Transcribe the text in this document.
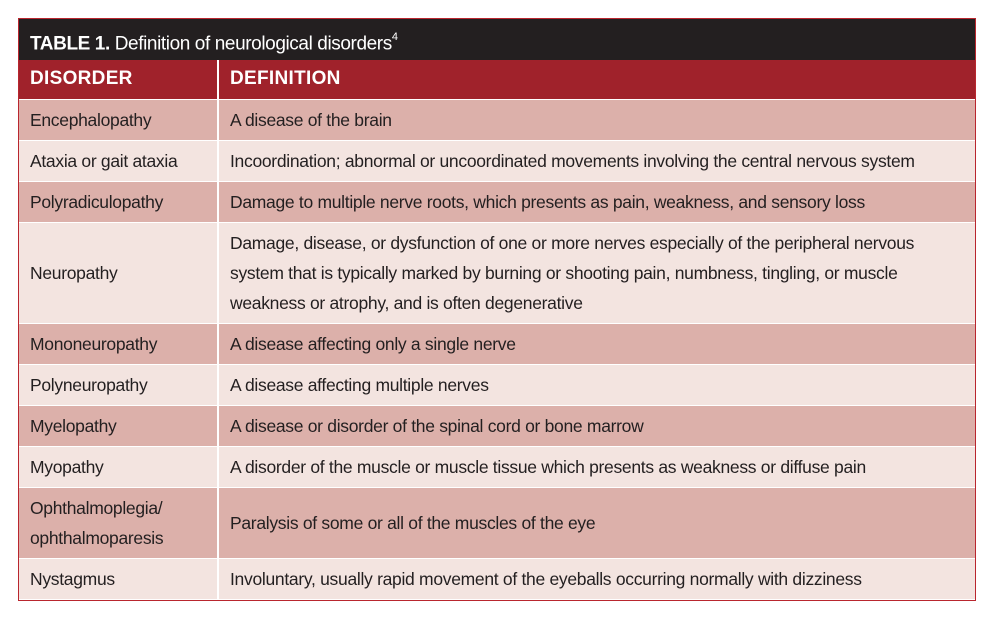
TABLE 1. Definition of neurological disorders$^4$
DISORDER	DEFINITION
Encephalopathy	A disease of the brain
Ataxia or gait ataxia	Incoordination; abnormal or uncoordinated movements involving the central nervous system
Polyradiculopathy	Damage to multiple nerve roots, which presents as pain, weakness, and sensory loss
Neuropathy	Damage, disease, or dysfunction of one or more nerves especially of the peripheral nervous system that is typically marked by burning or shooting pain, numbness, tingling, or muscle weakness or atrophy, and is often degenerative
Mononeuropathy	A disease affecting only a single nerve
Polyneuropathy	A disease affecting multiple nerves
Myelopathy	A disease or disorder of the spinal cord or bone marrow
Myopathy	A disorder of the muscle or muscle tissue which presents as weakness or diffuse pain
Ophthalmoplegia/ ophthalmoparesis	Paralysis of some or all of the muscles of the eye
Nystagmus	Involuntary, usually rapid movement of the eyeballs occurring normally with dizziness
